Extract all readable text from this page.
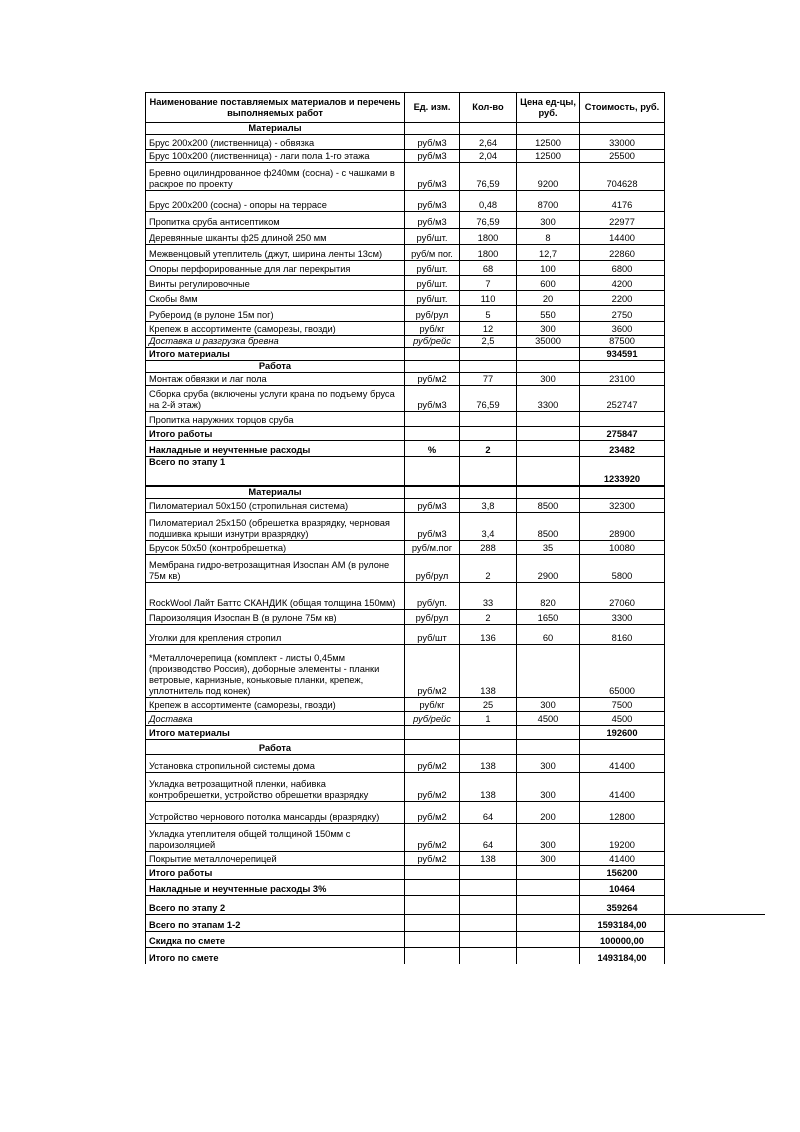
Наименование поставляемых материалов и перечень выполняемых работ	Ед. изм.	Кол-во	Цена ед-цы, руб.	Стоимость, руб.
Материалы				
Брус 200х200 (лиственница) - обвязка	руб/м3	2,64	12500	33000
Брус 100х200 (лиственница) - лаги пола 1-го этажа	руб/м3	2,04	12500	25500
Бревно оцилиндрованное ф240мм (сосна) - с чашками в раскрое по проекту	руб/м3	76,59	9200	704628
Брус 200х200 (сосна) - опоры на террасе	руб/м3	0,48	8700	4176
Пропитка сруба антисептиком	руб/м3	76,59	300	22977
Деревянные шканты ф25 длиной 250 мм	руб/шт.	1800	8	14400
Межвенцовый утеплитель (джут, ширина ленты 13см)	руб/м пог.	1800	12,7	22860
Опоры перфорированные для лаг перекрытия	руб/шт.	68	100	6800
Винты регулировочные	руб/шт.	7	600	4200
Скобы 8мм	руб/шт.	110	20	2200
Рубероид (в рулоне 15м пог)	руб/рул	5	550	2750
Крепеж в ассортименте (саморезы, гвозди)	руб/кг	12	300	3600
Доставка и разгрузка бревна	руб/рейс	2,5	35000	87500
Итого материалы				934591
Работа				
Монтаж обвязки и лаг пола	руб/м2	77	300	23100
Сборка сруба (включены услуги крана по подъему бруса на 2-й этаж)	руб/м3	76,59	3300	252747
Пропитка наружних торцов сруба				
Итого работы				275847
Накладные и неучтенные расходы	%	2		23482
Всего по этапу 1				1233920
Материалы				
Пиломатериал 50х150 (стропильная система)	руб/м3	3,8	8500	32300
Пиломатериал 25х150 (обрешетка вразрядку, черновая подшивка крыши изнутри вразрядку)	руб/м3	3,4	8500	28900
Брусок 50х50 (контробрешетка)	руб/м.пог	288	35	10080
Мембрана гидро-ветрозащитная Изоспан АМ (в рулоне 75м кв)	руб/рул	2	2900	5800
RockWool Лайт Баттс СКАНДИК (общая толщина 150мм)	руб/уп.	33	820	27060
Пароизоляция Изоспан В (в рулоне 75м кв)	руб/рул	2	1650	3300
Уголки для крепления стропил	руб/шт	136	60	8160
*Металлочерепица (комплект - листы 0,45мм (производство Россия), доборные элементы - планки ветровые, карнизные, коньковые планки, крепеж, уплотнитель под конек)	руб/м2	138		65000
Крепеж в ассортименте (саморезы, гвозди)	руб/кг	25	300	7500
Доставка	руб/рейс	1	4500	4500
Итого материалы				192600
Работа				
Установка стропильной системы дома	руб/м2	138	300	41400
Укладка ветрозащитной пленки, набивка контробрешетки, устройство обрешетки вразрядку	руб/м2	138	300	41400
Устройство чернового потолка мансарды (вразрядку)	руб/м2	64	200	12800
Укладка утеплителя общей толщиной 150мм с пароизоляцией	руб/м2	64	300	19200
Покрытие металлочерепицей	руб/м2	138	300	41400
Итого работы				156200
Накладные и неучтенные расходы 3%				10464
Всего по этапу 2				359264
Всего по этапам 1-2				1593184,00
Скидка по смете				100000,00
Итого по смете				1493184,00
